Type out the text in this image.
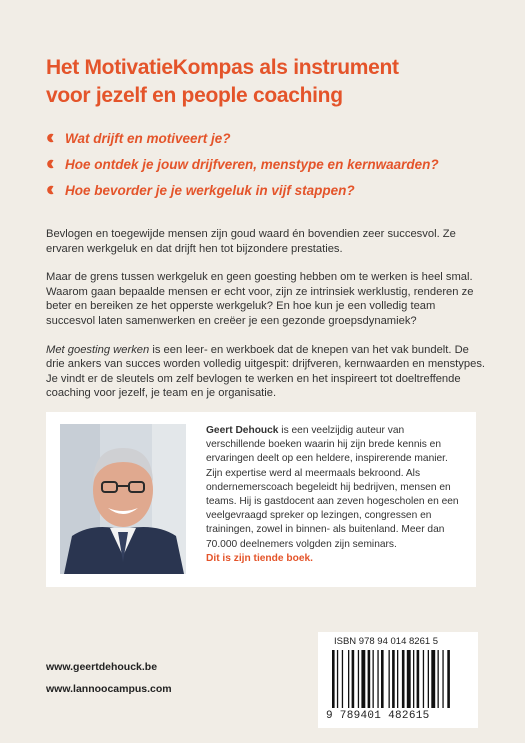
Het MotivatieKompas als instrument
voor jezelf en people coaching
Wat drijft en motiveert je?
Hoe ontdek je jouw drijfveren, menstype en kernwaarden?
Hoe bevorder je je werkgeluk in vijf stappen?

Bevlogen en toegewijde mensen zijn goud waard én bovendien zeer succesvol. Ze ervaren werkgeluk en dat drijft hen tot bijzondere prestaties.

Maar de grens tussen werkgeluk en geen goesting hebben om te werken is heel smal. Waarom gaan bepaalde mensen er echt voor, zijn ze intrinsiek werklustig, renderen ze beter en bereiken ze het opperste werkgeluk? En hoe kun je een volledig team succesvol laten samenwerken en creëer je een gezonde groepsdynamiek?

Met goesting werken is een leer- en werkboek dat de knepen van het vak bundelt. De drie ankers van succes worden volledig uitgespit: drijfveren, kernwaarden en menstypes. Je vindt er de sleutels om zelf bevlogen te werken en het inspireert tot doeltreffende coaching voor jezelf, je team en je organisatie.

Geert Dehouck is een veelzijdig auteur van verschillende boeken waarin hij zijn brede kennis en ervaringen deelt op een heldere, inspirerende manier. Zijn expertise werd al meermaals bekroond. Als ondernemerscoach begeleidt hij bedrijven, mensen en teams. Hij is gastdocent aan zeven hogescholen en een veelgevraagd spreker op lezingen, congressen en trainingen, zowel in binnen- als buitenland. Meer dan 70.000 deelnemers volgden zijn seminars.
Dit is zijn tiende boek.
www.geertdehouck.be
www.lannoocampus.com
ISBN 978 94 014 8261 5
9 789401 482615
